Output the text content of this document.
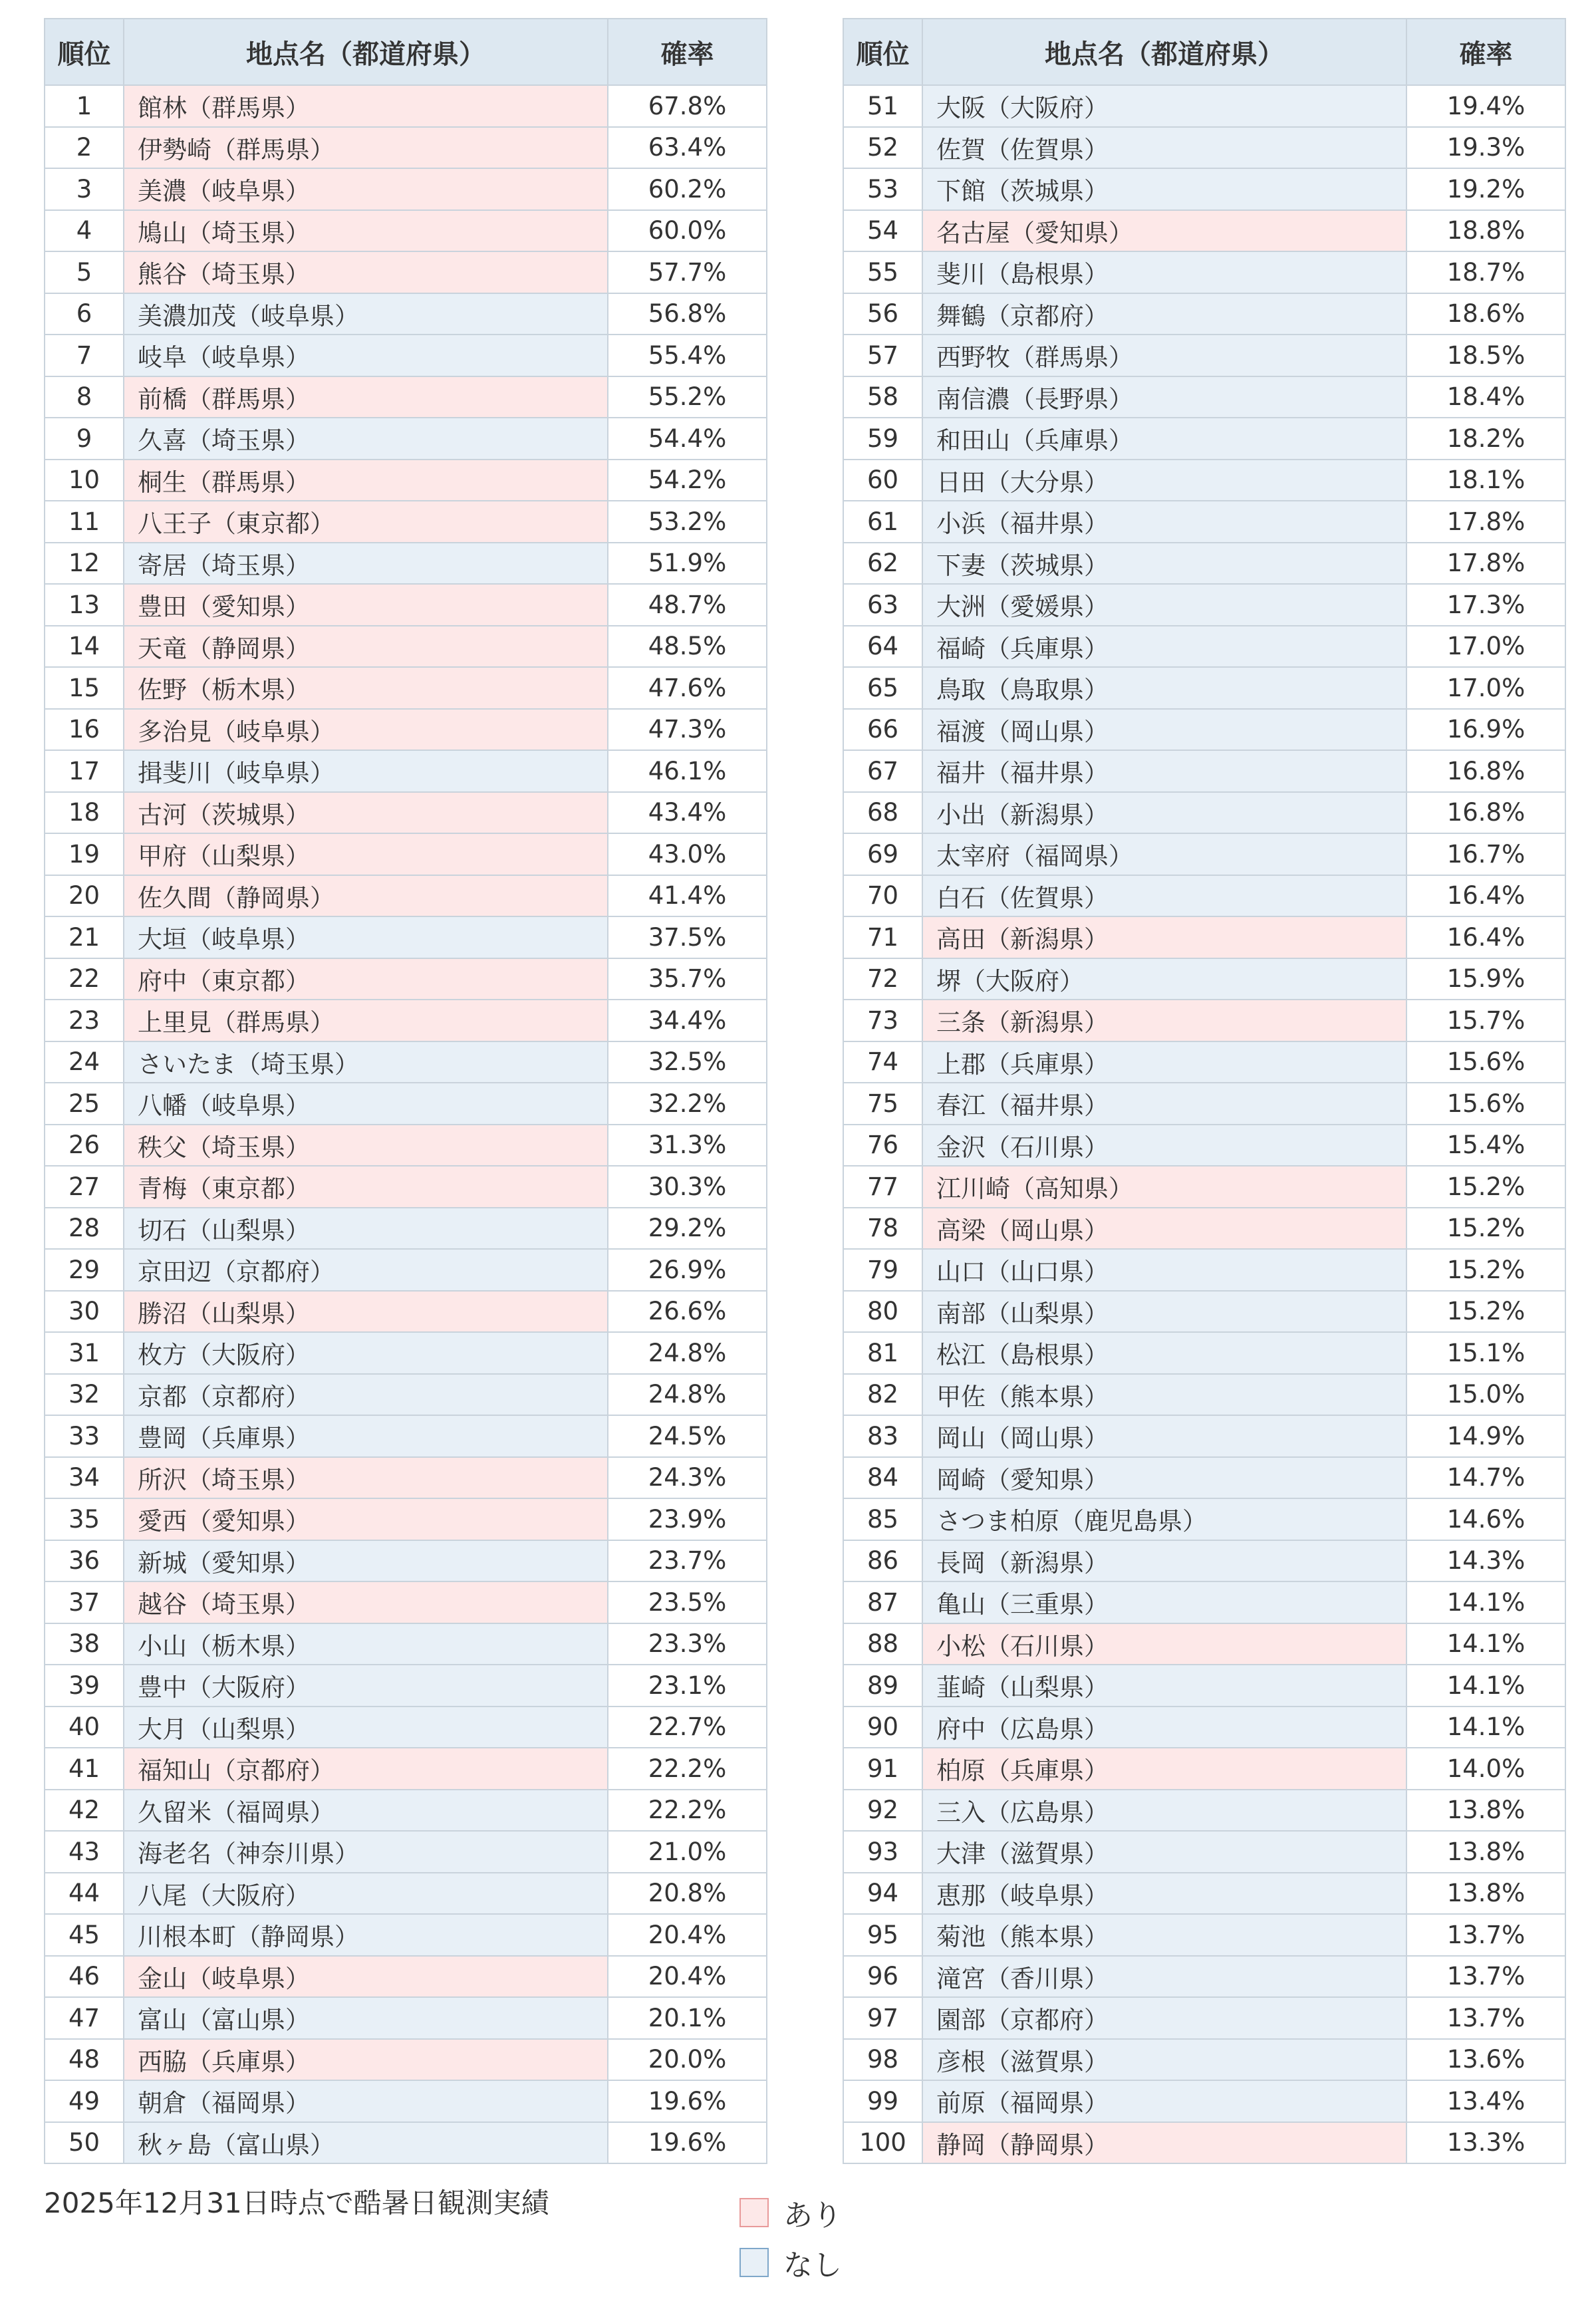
順位	地点名（都道府県）	確率
1	館林（群馬県）	67.8%
2	伊勢崎（群馬県）	63.4%
3	美濃（岐阜県）	60.2%
4	鳩山（埼玉県）	60.0%
5	熊谷（埼玉県）	57.7%
6	美濃加茂（岐阜県）	56.8%
7	岐阜（岐阜県）	55.4%
8	前橋（群馬県）	55.2%
9	久喜（埼玉県）	54.4%
10	桐生（群馬県）	54.2%
11	八王子（東京都）	53.2%
12	寄居（埼玉県）	51.9%
13	豊田（愛知県）	48.7%
14	天竜（静岡県）	48.5%
15	佐野（栃木県）	47.6%
16	多治見（岐阜県）	47.3%
17	揖斐川（岐阜県）	46.1%
18	古河（茨城県）	43.4%
19	甲府（山梨県）	43.0%
20	佐久間（静岡県）	41.4%
21	大垣（岐阜県）	37.5%
22	府中（東京都）	35.7%
23	上里見（群馬県）	34.4%
24	さいたま（埼玉県）	32.5%
25	八幡（岐阜県）	32.2%
26	秩父（埼玉県）	31.3%
27	青梅（東京都）	30.3%
28	切石（山梨県）	29.2%
29	京田辺（京都府）	26.9%
30	勝沼（山梨県）	26.6%
31	枚方（大阪府）	24.8%
32	京都（京都府）	24.8%
33	豊岡（兵庫県）	24.5%
34	所沢（埼玉県）	24.3%
35	愛西（愛知県）	23.9%
36	新城（愛知県）	23.7%
37	越谷（埼玉県）	23.5%
38	小山（栃木県）	23.3%
39	豊中（大阪府）	23.1%
40	大月（山梨県）	22.7%
41	福知山（京都府）	22.2%
42	久留米（福岡県）	22.2%
43	海老名（神奈川県）	21.0%
44	八尾（大阪府）	20.8%
45	川根本町（静岡県）	20.4%
46	金山（岐阜県）	20.4%
47	富山（富山県）	20.1%
48	西脇（兵庫県）	20.0%
49	朝倉（福岡県）	19.6%
50	秋ヶ島（富山県）	19.6%
順位	地点名（都道府県）	確率
51	大阪（大阪府）	19.4%
52	佐賀（佐賀県）	19.3%
53	下館（茨城県）	19.2%
54	名古屋（愛知県）	18.8%
55	斐川（島根県）	18.7%
56	舞鶴（京都府）	18.6%
57	西野牧（群馬県）	18.5%
58	南信濃（長野県）	18.4%
59	和田山（兵庫県）	18.2%
60	日田（大分県）	18.1%
61	小浜（福井県）	17.8%
62	下妻（茨城県）	17.8%
63	大洲（愛媛県）	17.3%
64	福崎（兵庫県）	17.0%
65	鳥取（鳥取県）	17.0%
66	福渡（岡山県）	16.9%
67	福井（福井県）	16.8%
68	小出（新潟県）	16.8%
69	太宰府（福岡県）	16.7%
70	白石（佐賀県）	16.4%
71	高田（新潟県）	16.4%
72	堺（大阪府）	15.9%
73	三条（新潟県）	15.7%
74	上郡（兵庫県）	15.6%
75	春江（福井県）	15.6%
76	金沢（石川県）	15.4%
77	江川崎（高知県）	15.2%
78	高梁（岡山県）	15.2%
79	山口（山口県）	15.2%
80	南部（山梨県）	15.2%
81	松江（島根県）	15.1%
82	甲佐（熊本県）	15.0%
83	岡山（岡山県）	14.9%
84	岡崎（愛知県）	14.7%
85	さつま柏原（鹿児島県）	14.6%
86	長岡（新潟県）	14.3%
87	亀山（三重県）	14.1%
88	小松（石川県）	14.1%
89	韮崎（山梨県）	14.1%
90	府中（広島県）	14.1%
91	柏原（兵庫県）	14.0%
92	三入（広島県）	13.8%
93	大津（滋賀県）	13.8%
94	恵那（岐阜県）	13.8%
95	菊池（熊本県）	13.7%
96	滝宮（香川県）	13.7%
97	園部（京都府）	13.7%
98	彦根（滋賀県）	13.6%
99	前原（福岡県）	13.4%
100	静岡（静岡県）	13.3%
2025年12月31日時点で酷暑日観測実績	あり
なし
